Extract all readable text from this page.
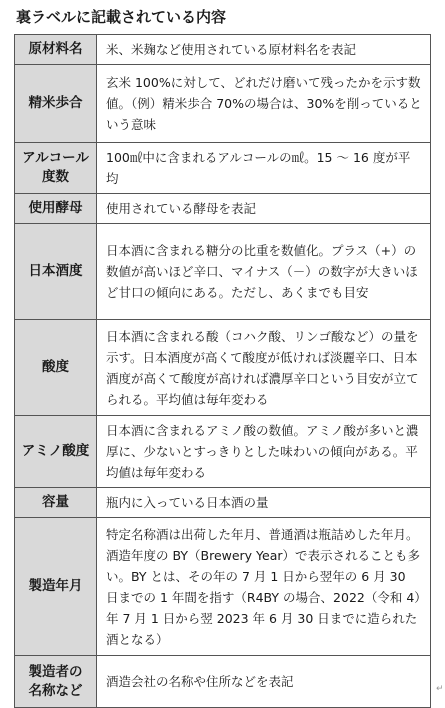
裏ラベルに記載されている内容
原材料名	米、米麹など使用されている原材料名を表記
精米歩合	玄米 100%に対して、どれだけ磨いて残ったかを示す数値。（例）精米歩合 70%の場合は、30%を削っているという意味

アルコール
度数	100㎖中に含まれるアルコールの㎖。15 〜 16 度が平均
使用酵母	使用されている酵母を表記
日本酒度	日本酒に含まれる糖分の比重を数値化。プラス（+）の数値が高いほど辛口、マイナス（－）の数字が大きいほど甘口の傾向にある。ただし、あくまでも目安
酸度	日本酒に含まれる酸（コハク酸、リンゴ酸など）の量を示す。日本酒度が高くて酸度が低ければ淡麗辛口、日本酒度が高くて酸度が高ければ濃厚辛口という目安が立てられる。平均値は毎年変わる
アミノ酸度	日本酒に含まれるアミノ酸の数値。アミノ酸が多いと濃厚に、少ないとすっきりとした味わいの傾向がある。平均値は毎年変わる
容量	瓶内に入っている日本酒の量
製造年月	特定名称酒は出荷した年月、普通酒は瓶詰めした年月。酒造年度の BY（Brewery Year）で表示されることも多い。BY とは、その年の 7 月 1 日から翌年の 6 月 30 日までの 1 年間を指す（R4BY の場合、2022（令和 4）年 7 月 1 日から翌 2023 年 6 月 30 日までに造られた酒となる）

製造者の
名称など	酒造会社の名称や住所などを表記	↵
